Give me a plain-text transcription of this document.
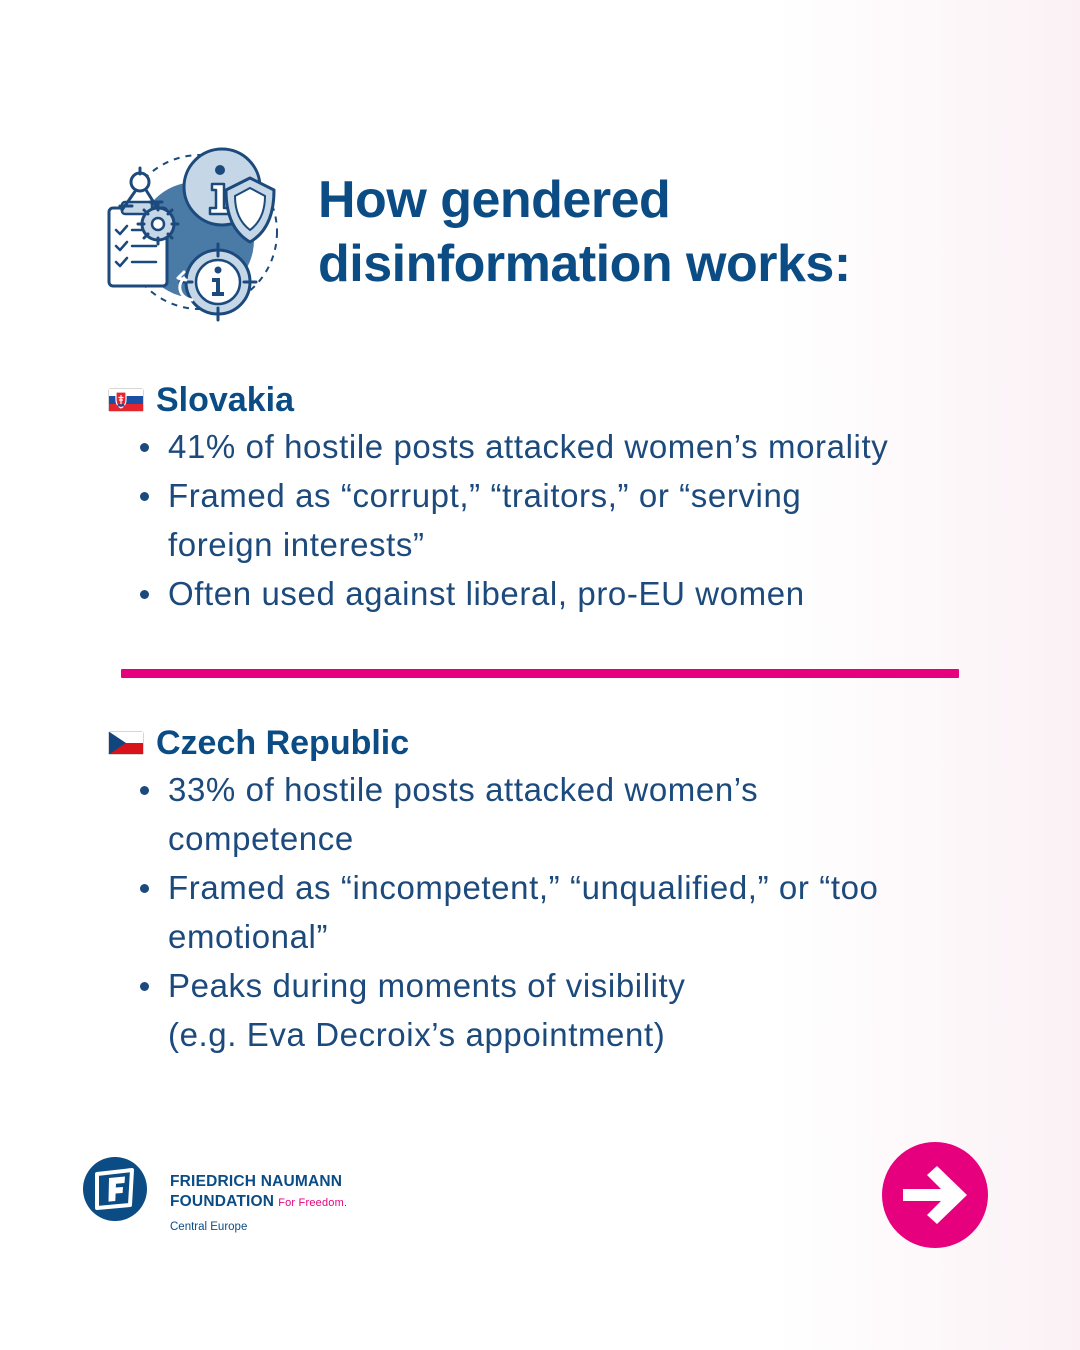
How gendered
disinformation works:
Slovakia
41% of hostile posts attacked women’s morality
Framed as “corrupt,” “traitors,” or “serving
foreign interests”
Often used against liberal, pro-EU women
Czech Republic
33% of hostile posts attacked women’s
competence
Framed as “incompetent,” “unqualified,” or “too
emotional”
Peaks during moments of visibility
(e.g. Eva Decroix’s appointment)
FRIEDRICH NAUMANN
FOUNDATION For Freedom.
Central Europe
